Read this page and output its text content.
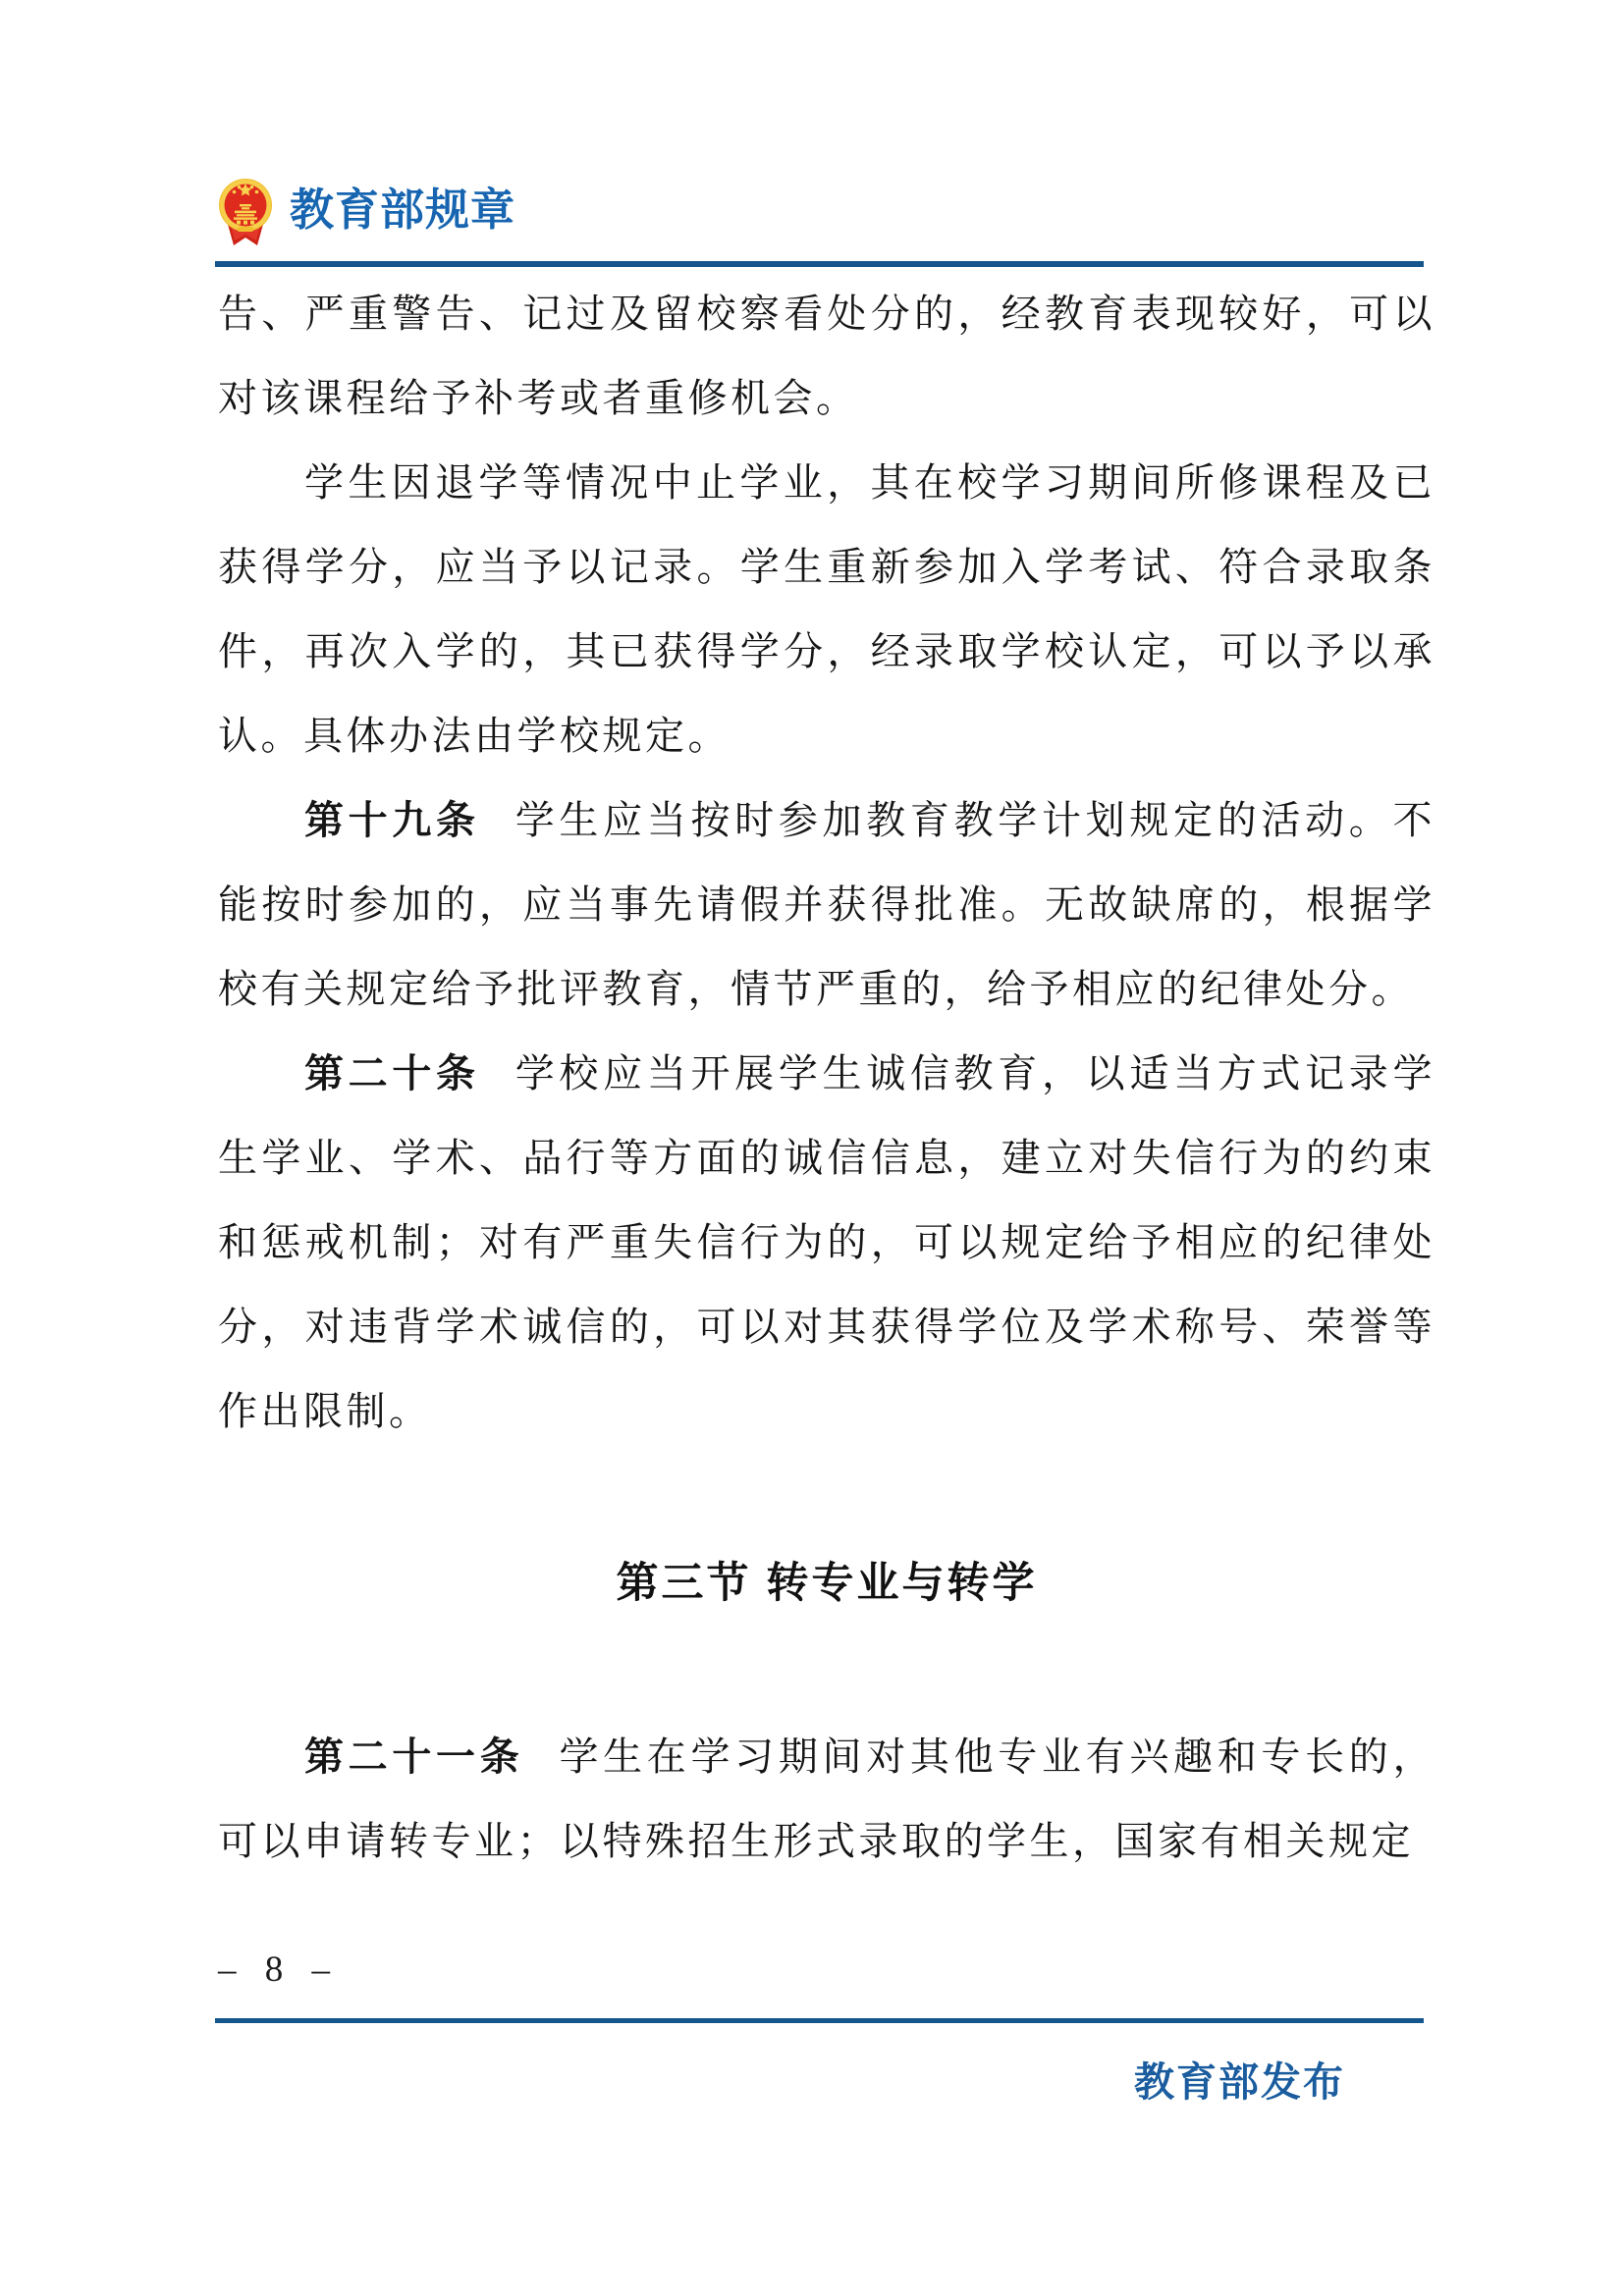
教育部规章

告、严重警告、记过及留校察看处分的，经教育表现较好，可以对该课程给予补考或者重修机会。

学生因退学等情况中止学业，其在校学习期间所修课程及已获得学分，应当予以记录。学生重新参加入学考试、符合录取条件，再次入学的，其已获得学分，经录取学校认定，可以予以承认。具体办法由学校规定。

第十九条 学生应当按时参加教育教学计划规定的活动。不能按时参加的，应当事先请假并获得批准。无故缺席的，根据学校有关规定给予批评教育，情节严重的，给予相应的纪律处分。

第二十条 学校应当开展学生诚信教育，以适当方式记录学生学业、学术、品行等方面的诚信信息，建立对失信行为的约束和惩戒机制；对有严重失信行为的，可以规定给予相应的纪律处分，对违背学术诚信的，可以对其获得学位及学术称号、荣誉等作出限制。

第三节 转专业与转学

第二十一条 学生在学习期间对其他专业有兴趣和专长的，可以申请转专业；以特殊招生形式录取的学生，国家有相关规定

– 8 –
教育部发布
